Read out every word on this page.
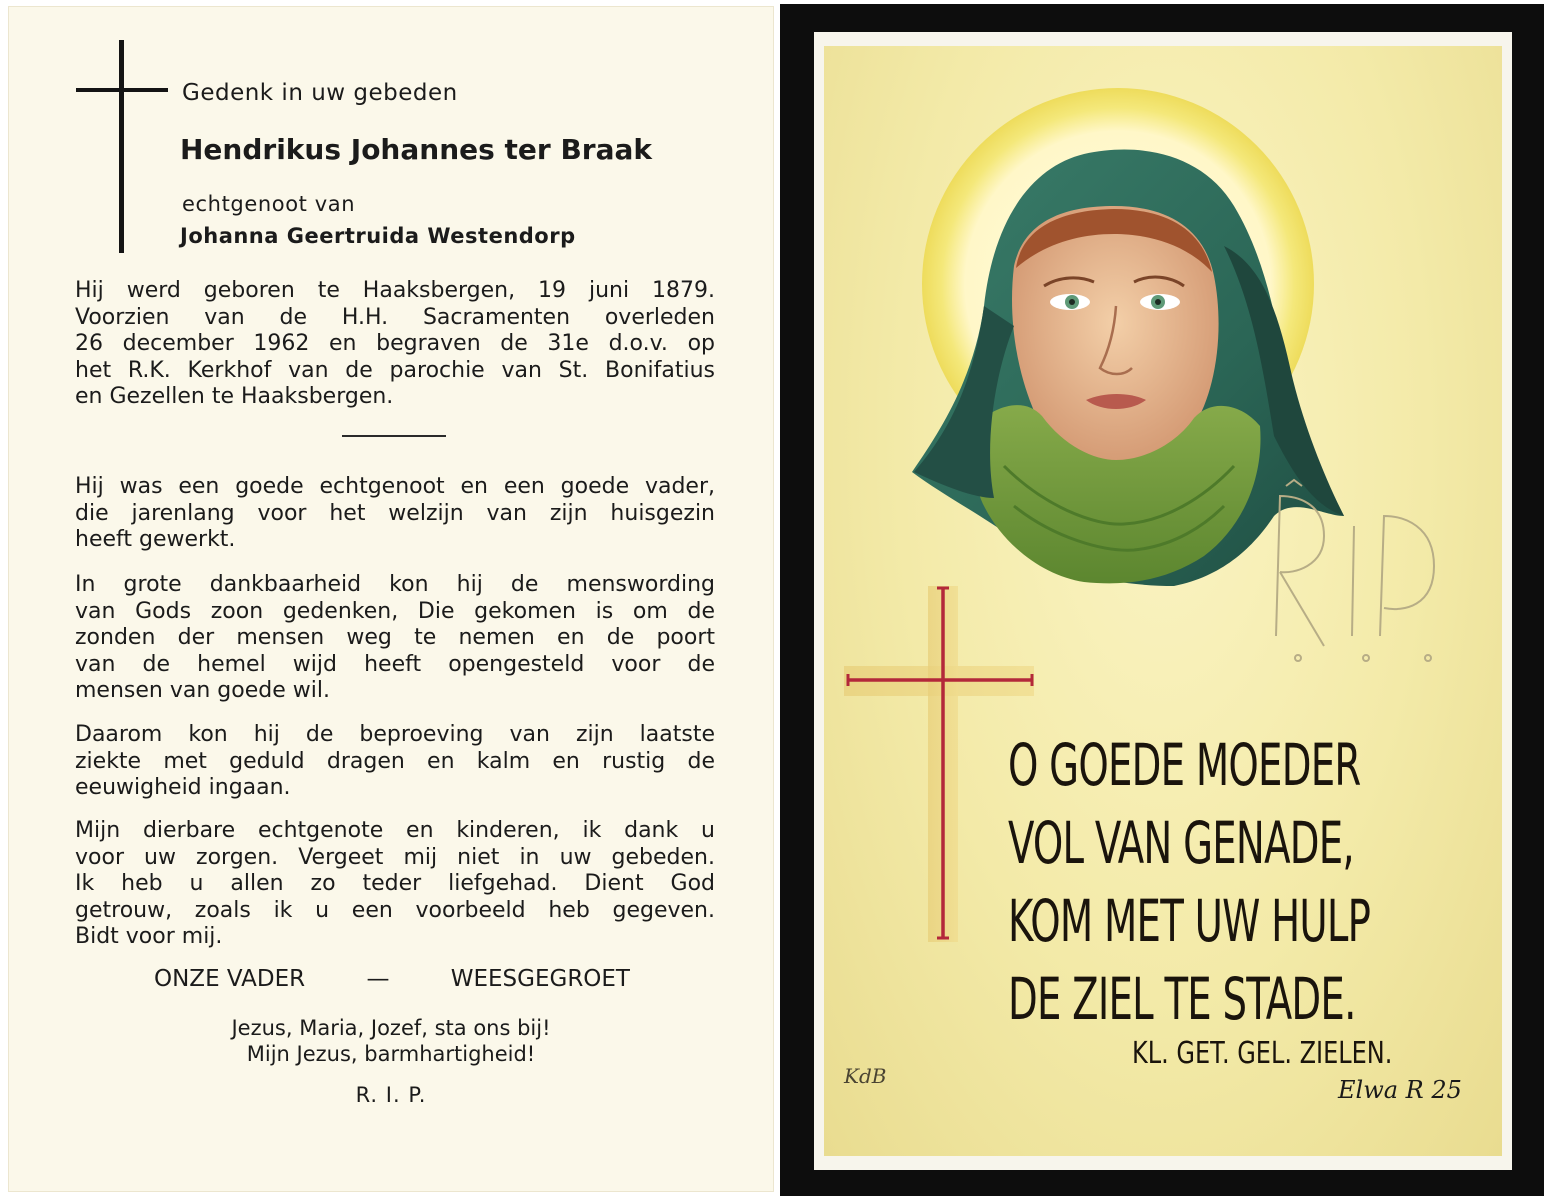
Gedenk in uw gebeden
Hendrikus Johannes ter Braak
echtgenoot van
Johanna Geertruida Westendorp
Hij werd geboren te Haaksbergen, 19 juni 1879.
Voorzien van de H.H. Sacramenten overleden
26 december 1962 en begraven de 31e d.o.v. op
het R.K. Kerkhof van de parochie van St. Bonifatius
en Gezellen te Haaksbergen.
Hij was een goede echtgenoot en een goede vader,
die jarenlang voor het welzijn van zijn huisgezin
heeft gewerkt.
In grote dankbaarheid kon hij de menswording
van Gods zoon gedenken, Die gekomen is om de
zonden der mensen weg te nemen en de poort
van de hemel wijd heeft opengesteld voor de
mensen van goede wil.
Daarom kon hij de beproeving van zijn laatste
ziekte met geduld dragen en kalm en rustig de
eeuwigheid ingaan.
Mijn dierbare echtgenote en kinderen, ik dank u
voor uw zorgen. Vergeet mij niet in uw gebeden.
Ik heb u allen zo teder liefgehad. Dient God
getrouw, zoals ik u een voorbeeld heb gegeven.
Bidt voor mij.
ONZE VADER	—	WEESGEGROET
Jezus, Maria, Jozef, sta ons bij!
Mijn Jezus, barmhartigheid!
R. I. P.
O GOEDE MOEDER
VOL VAN GENADE,
KOM MET UW HULP
DE ZIEL TE STADE.
KL. GET. GEL. ZIELEN.
KdB	Elwa R 25
